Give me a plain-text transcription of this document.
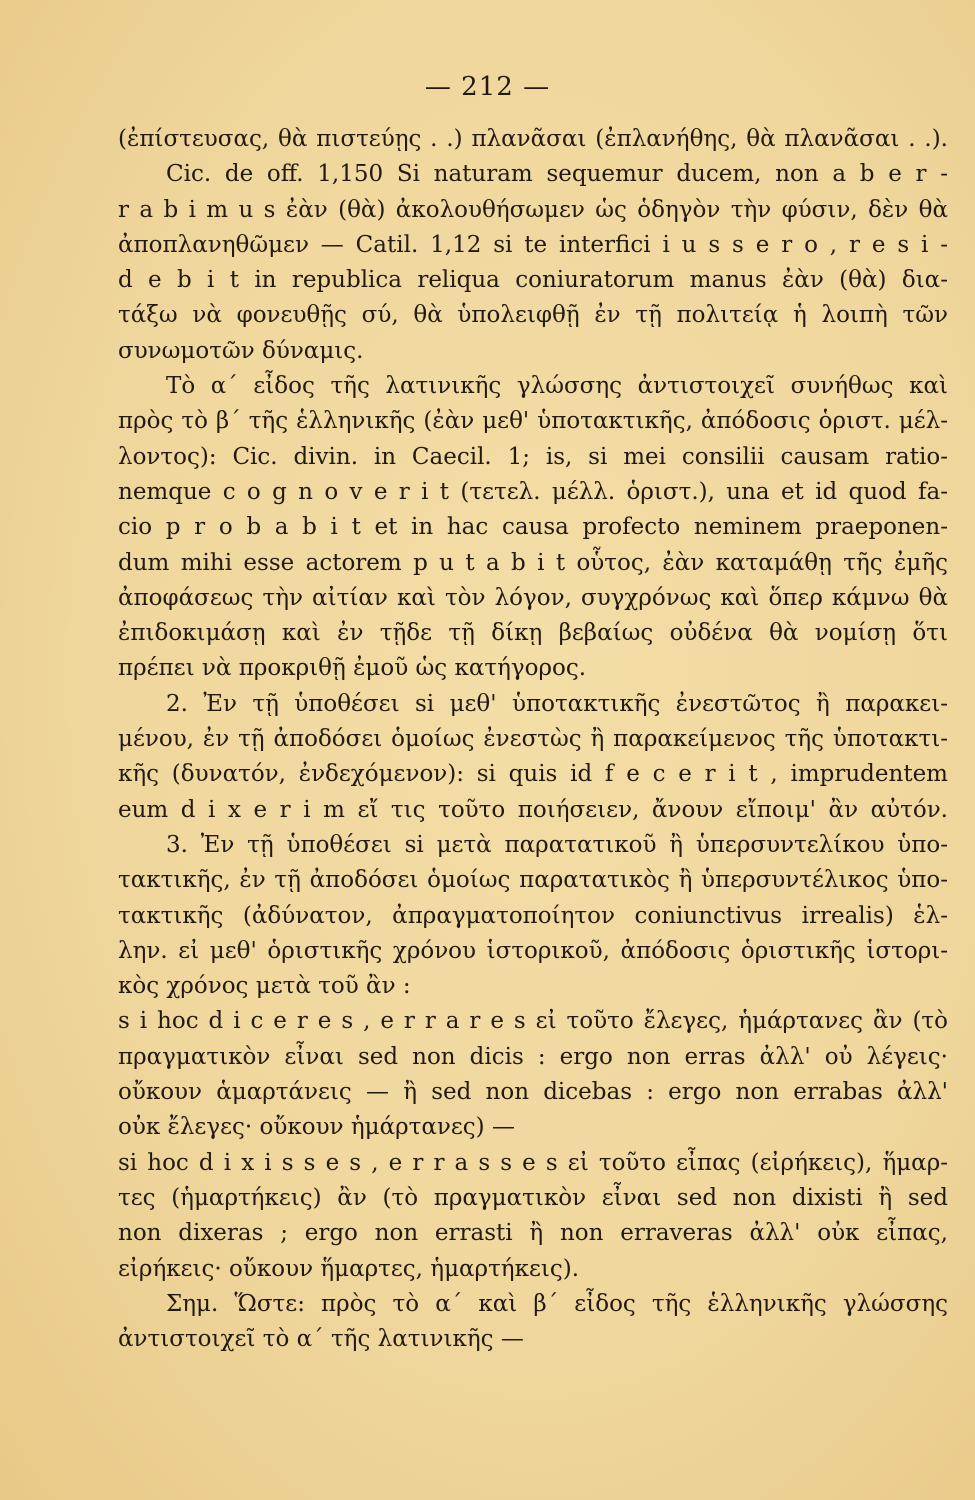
— 212 —
(ἐπίστευσας, θὰ πιστεύῃς . .) πλανᾶσαι (ἐπλανήθης, θὰ πλανᾶσαι . .).
Cic. de off. 1,150 Si naturam sequemur ducem, non a b e r -
r a b i m u s ἐὰν (θὰ) ἀκολουθήσωμεν ὡς ὁδηγὸν τὴν φύσιν, δὲν θὰ
ἀποπλανηθῶμεν — Catil. 1,12 si te interfici i u s s e r o , r e s i -
d e b i t in republica reliqua coniuratorum manus ἐὰν (θὰ) δια-
τάξω νὰ φονευθῇς σύ, θὰ ὑπολειφθῇ ἐν τῇ πολιτείᾳ ἡ λοιπὴ τῶν
συνωμοτῶν δύναμις.
Τὸ α΄ εἶδος τῆς λατινικῆς γλώσσης ἀντιστοιχεῖ συνήθως καὶ
πρὸς τὸ β΄ τῆς ἑλληνικῆς (ἐὰν μεθ' ὑποτακτικῆς, ἀπόδοσις ὁριστ. μέλ-
λοντος): Cic. divin. in Caecil. 1; is, si mei consilii causam ratio-
nemque c o g n o v e r i t (τετελ. μέλλ. ὁριστ.), una et id quod fa-
cio p r o b a b i t et in hac causa profecto neminem praeponen-
dum mihi esse actorem p u t a b i t οὗτος, ἐὰν καταμάθῃ τῆς ἐμῆς
ἀποφάσεως τὴν αἰτίαν καὶ τὸν λόγον, συγχρόνως καὶ ὅπερ κάμνω θὰ
ἐπιδοκιμάσῃ καὶ ἐν τῇδε τῇ δίκῃ βεβαίως οὐδένα θὰ νομίσῃ ὅτι
πρέπει νὰ προκριθῇ ἐμοῦ ὡς κατήγορος.
2. Ἐν τῇ ὑποθέσει si μεθ' ὑποτακτικῆς ἐνεστῶτος ἢ παρακει-
μένου, ἐν τῇ ἀποδόσει ὁμοίως ἐνεστὼς ἢ παρακείμενος τῆς ὑποτακτι-
κῆς (δυνατόν, ἐνδεχόμενον): si quis id f e c e r i t , imprudentem
eum d i x e r i m εἴ τις τοῦτο ποιήσειεν, ἄνουν εἴποιμ' ἂν αὐτόν.
3. Ἐν τῇ ὑποθέσει si μετὰ παρατατικοῦ ἢ ὑπερσυντελίκου ὑπο-
τακτικῆς, ἐν τῇ ἀποδόσει ὁμοίως παρατατικὸς ἢ ὑπερσυντέλικος ὑπο-
τακτικῆς (ἀδύνατον, ἀπραγματοποίητον coniunctivus irrealis) ἑλ-
λην. εἰ μεθ' ὁριστικῆς χρόνου ἱστορικοῦ, ἀπόδοσις ὁριστικῆς ἱστορι-
κὸς χρόνος μετὰ τοῦ ἂν :
s i hoc d i c e r e s , e r r a r e s εἰ τοῦτο ἔλεγες, ἡμάρτανες ἂν (τὸ
πραγματικὸν εἶναι sed non dicis : ergo non erras ἀλλ' οὐ λέγεις·
οὔκουν ἁμαρτάνεις — ἢ sed non dicebas : ergo non errabas ἀλλ'
οὐκ ἔλεγες· οὔκουν ἡμάρτανες) —
si hoc d i x i s s e s , e r r a s s e s εἰ τοῦτο εἶπας (εἰρήκεις), ἥμαρ-
τες (ἡμαρτήκεις) ἂν (τὸ πραγματικὸν εἶναι sed non dixisti ἢ sed
non dixeras ; ergo non errasti ἢ non erraveras ἀλλ' οὐκ εἶπας,
εἰρήκεις· οὔκουν ἥμαρτες, ἡμαρτήκεις).
Σημ. Ὥστε: πρὸς τὸ α΄ καὶ β΄ εἶδος τῆς ἑλληνικῆς γλώσσης
ἀντιστοιχεῖ τὸ α΄ τῆς λατινικῆς —
